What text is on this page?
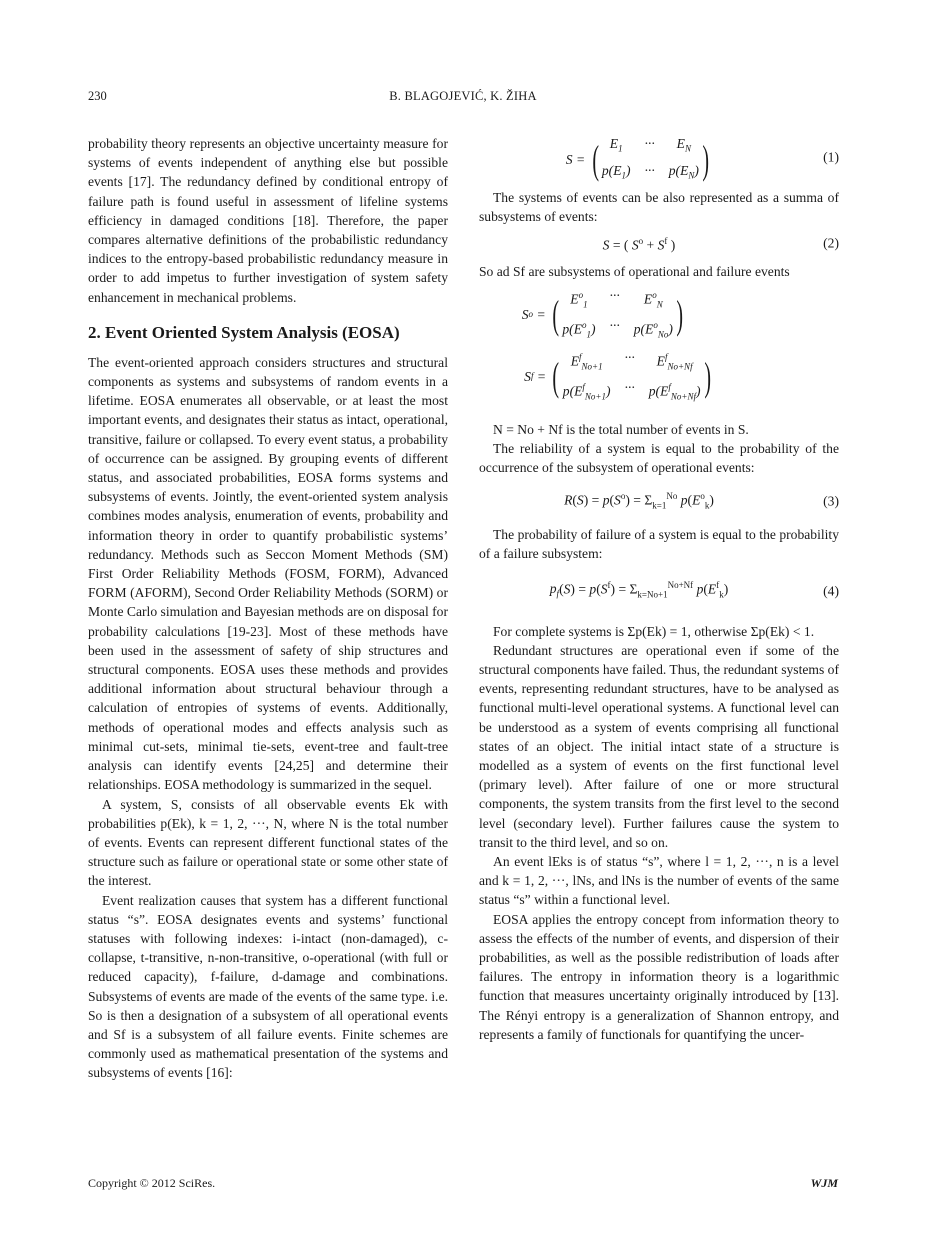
230	B. BLAGOJEVIĆ, K. ŽIHA

probability theory represents an objective uncertainty measure for systems of events independent of anything else but possible events [17]. The redundancy defined by conditional entropy of failure path is found useful in assessment of lifeline systems efficiency in damaged conditions [18]. Therefore, the paper compares alternative definitions of the probabilistic redundancy indices to the entropy-based probabilistic redundancy measure in order to add impetus to further investigation of system safety enhancement in mechanical problems.

2. Event Oriented System Analysis (EOSA)

The event-oriented approach considers structures and structural components as systems and subsystems of random events in a lifetime. EOSA enumerates all observable, or at least the most important events, and designates their status as intact, operational, transitive, failure or collapsed. To every event status, a probability of occurrence can be assigned. By grouping events of different status, and associated probabilities, EOSA forms systems and subsystems of events. Jointly, the event-oriented system analysis combines modes analysis, enumeration of events, probability and information theory in order to quantify probabilistic systems’ redundancy. Methods such as Seccon Moment Methods (SM) First Order Reliability Methods (FOSM, FORM), Advanced FORM (AFORM), Second Order Reliability Methods (SORM) or Monte Carlo simulation and Bayesian methods are on disposal for probability calculations [19-23]. Most of these methods have been used in the assessment of safety of ship structures and structural components. EOSA uses these methods and provides additional information about structural behaviour through a calculation of entropies of systems of events. Additionally, methods of operational modes and effects analysis such as minimal cut-sets, minimal tie-sets, event-tree and fault-tree analysis can identify events [24,25] and determine their relationships. EOSA methodology is summarized in the sequel.

A system, S, consists of all observable events Ek with probabilities p(Ek), k = 1, 2, ···, N, where N is the total number of events. Events can represent different functional states of the structure such as failure or operational state or some other state of the interest.

Event realization causes that system has a different functional status “s”. EOSA designates events and systems’ functional statuses with following indexes: i-intact (non-damaged), c-collapse, t-transitive, n-non-transitive, o-operational (with full or reduced capacity), f-failure, d-damage and combinations. Subsystems of events are made of the events of the same type. i.e. So is then a designation of a subsystem of all operational events and Sf is a subsystem of all failure events. Finite schemes are commonly used as mathematical presentation of the systems and subsystems of events [16]:

S = ( $E_1$	···	$E_N$
$p(E_1)$ ··· $p(E_N)$ )	(1)

The systems of events can be also represented as a summa of subsystems of events:

S = ( $S^o + S^f$ )	(2)

So ad Sf are subsystems of operational and failure events

S o = ( $E^o_1$
···	$E^o_N$
$p(E^o_1)$ ··· $p(E^o_{No})$ )
S f = ( $E^f_{No+1}$
···	$E^f_{No+Nf}$
$p(E^f_{No+1})$ ··· $p(E^f_{No+Nf})$ )

N = No + Nf is the total number of events in S.

The reliability of a system is equal to the probability of the occurrence of the subsystem of operational events:

$R(S) = p(S^o) = \Sigma_{k=1}^{No}$ $p(E^o_k)$	(3)

The probability of failure of a system is equal to the probability of a failure subsystem:

$p_f(S) = p(S^f) = \Sigma_{k=No+1}^{No+Nf}$ $p(E^f_k)$	(4)

For complete systems is Σp(Ek) = 1, otherwise Σp(Ek) < 1.

Redundant structures are operational even if some of the structural components have failed. Thus, the redundant systems of events, representing redundant structures, have to be analysed as functional multi-level operational systems. A functional level can be understood as a system of events comprising all functional states of an object. The initial intact state of a structure is modelled as a system of events on the first functional level (primary level). After failure of one or more structural components, the system transits from the first level to the second level (secondary level). Further failures cause the system to transit to the third level, and so on.

An event lEks is of status “s”, where l = 1, 2, ···, n is a level and k = 1, 2, ···, lNs, and lNs is the number of events of the same status “s” within a functional level.

EOSA applies the entropy concept from information theory to assess the effects of the number of events, and dispersion of their probabilities, as well as the possible redistribution of loads after failures. The entropy in information theory is a logarithmic function that measures uncertainty originally introduced by [13]. The Rényi entropy is a generalization of Shannon entropy, and represents a family of functionals for quantifying the uncer-

Copyright © 2012 SciRes.	WJM
